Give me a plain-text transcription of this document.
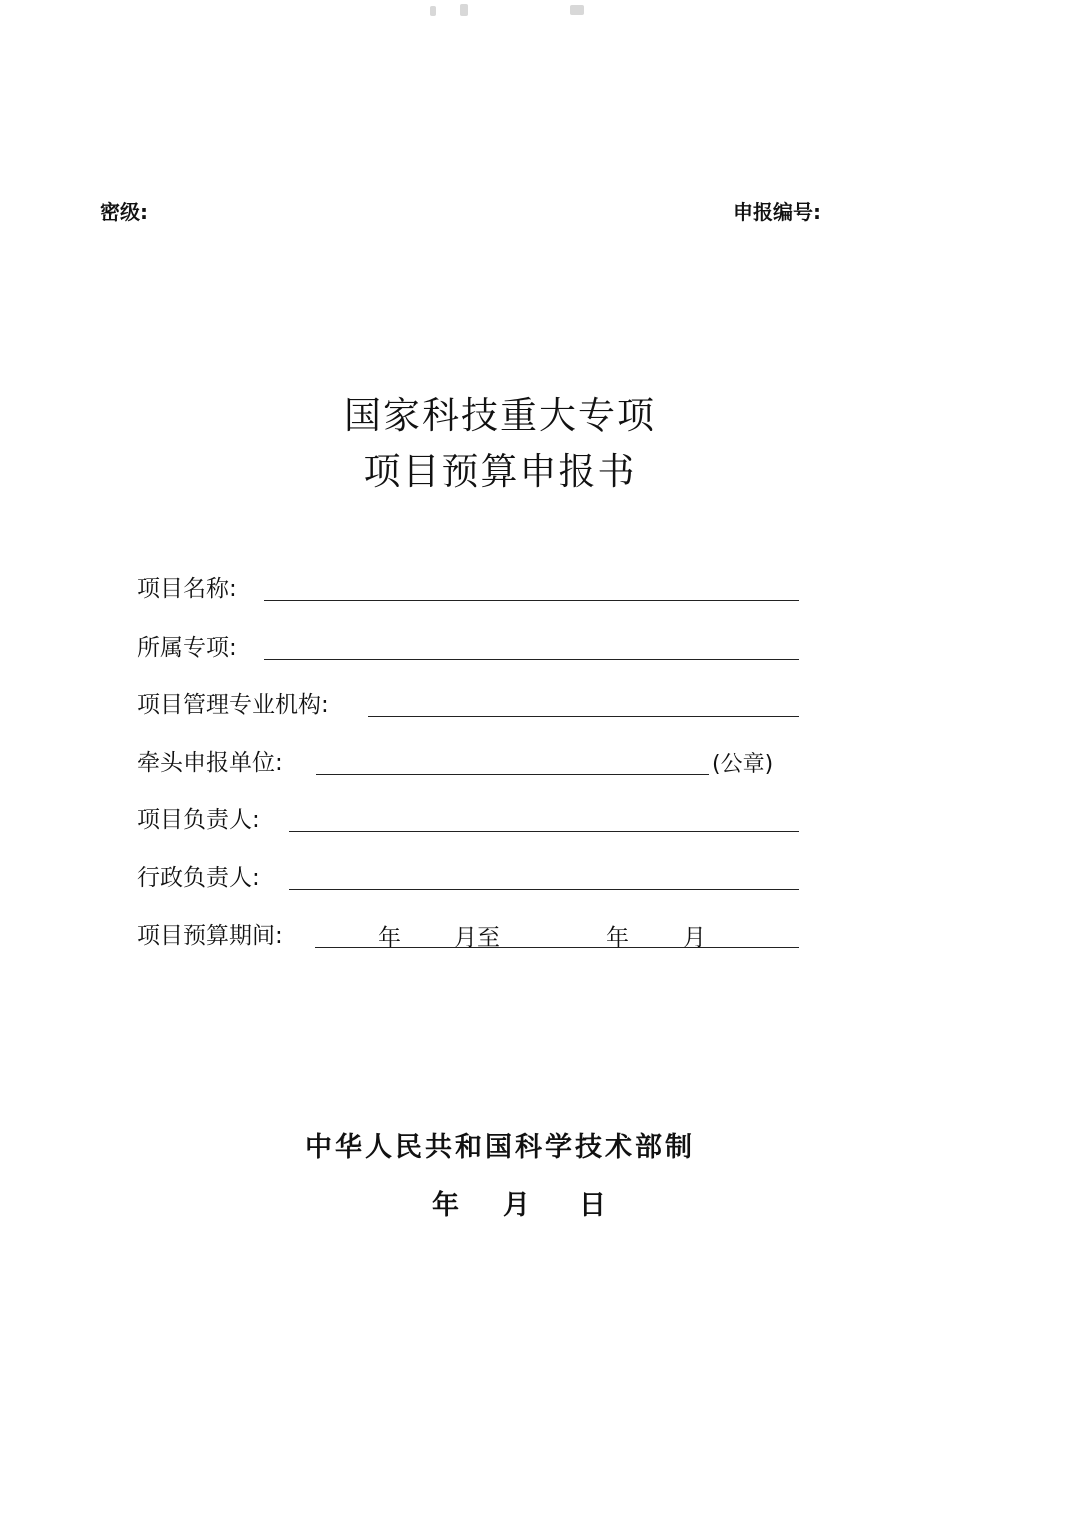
密级:	申报编号:
国家科技重大专项
项目预算申报书
项目名称:
所属专项:
项目管理专业机构:
牵头申报单位:	(公章)
项目负责人:
行政负责人:
项目预算期间:	年 月至	年 月
中华人民共和国科学技术部制
年 月 日
